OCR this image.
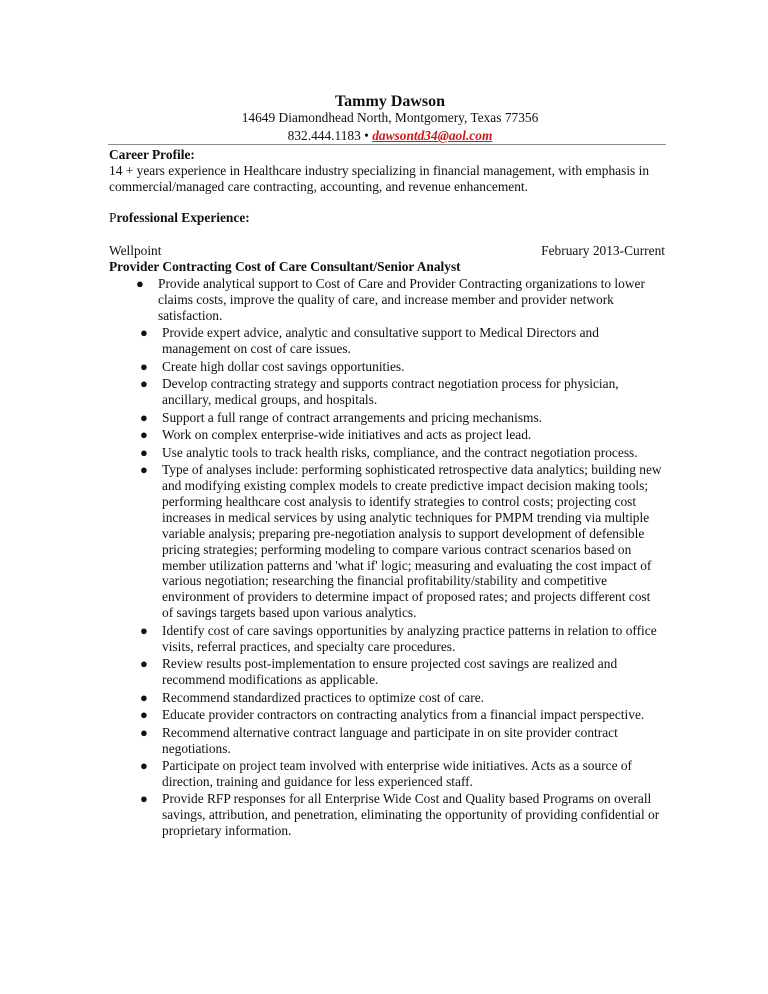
Tammy Dawson
14649 Diamondhead North, Montgomery, Texas 77356
832.444.1183 • dawsontd34@aol.com
Career Profile:
14 + years experience in Healthcare industry specializing in financial management, with emphasis in commercial/managed care contracting, accounting, and revenue enhancement.
Professional Experience:
Wellpoint	February 2013-Current
Provider Contracting Cost of Care Consultant/Senior Analyst
● Provide analytical support to Cost of Care and Provider Contracting organizations to lower claims costs, improve the quality of care, and increase member and provider network satisfaction.
● Provide expert advice, analytic and consultative support to Medical Directors and management on cost of care issues.
● Create high dollar cost savings opportunities.
● Develop contracting strategy and supports contract negotiation process for physician, ancillary, medical groups, and hospitals.
● Support a full range of contract arrangements and pricing mechanisms.
● Work on complex enterprise-wide initiatives and acts as project lead.
● Use analytic tools to track health risks, compliance, and the contract negotiation process.
● Type of analyses include: performing sophisticated retrospective data analytics; building new and modifying existing complex models to create predictive impact decision making tools; performing healthcare cost analysis to identify strategies to control costs; projecting cost increases in medical services by using analytic techniques for PMPM trending via multiple variable analysis; preparing pre-negotiation analysis to support development of defensible pricing strategies; performing modeling to compare various contract scenarios based on member utilization patterns and 'what if' logic; measuring and evaluating the cost impact of various negotiation; researching the financial profitability/stability and competitive environment of providers to determine impact of proposed rates; and projects different cost of savings targets based upon various analytics.
● Identify cost of care savings opportunities by analyzing practice patterns in relation to office visits, referral practices, and specialty care procedures.
● Review results post-implementation to ensure projected cost savings are realized and recommend modifications as applicable.
● Recommend standardized practices to optimize cost of care.
● Educate provider contractors on contracting analytics from a financial impact perspective.
● Recommend alternative contract language and participate in on site provider contract negotiations.
● Participate on project team involved with enterprise wide initiatives. Acts as a source of direction, training and guidance for less experienced staff.
● Provide RFP responses for all Enterprise Wide Cost and Quality based Programs on overall savings, attribution, and penetration, eliminating the opportunity of providing confidential or proprietary information.
